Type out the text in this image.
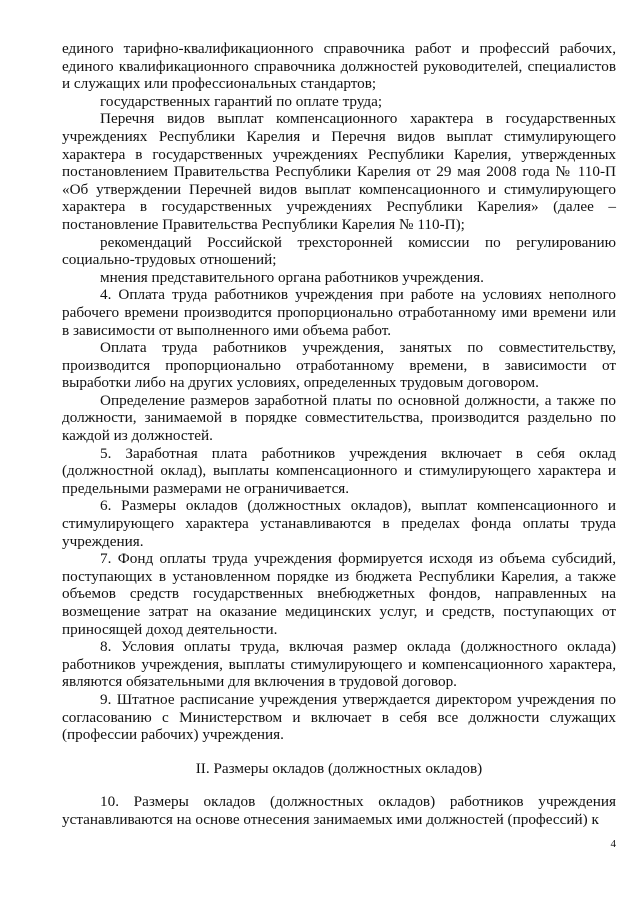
единого тарифно-квалификационного справочника работ и профессий рабочих, единого квалификационного справочника должностей руководителей, специалистов и служащих или профессиональных стандартов;

государственных гарантий по оплате труда;

Перечня видов выплат компенсационного характера в государственных учреждениях Республики Карелия и Перечня видов выплат стимулирующего характера в государственных учреждениях Республики Карелия, утвержденных постановлением Правительства Республики Карелия от 29 мая 2008 года № 110-П «Об утверждении Перечней видов выплат компенсационного и стимулирующего характера в государственных учреждениях Республики Карелия» (далее – постановление Правительства Республики Карелия № 110-П);

рекомендаций Российской трехсторонней комиссии по регулированию социально-трудовых отношений;

мнения представительного органа работников учреждения.

4. Оплата труда работников учреждения при работе на условиях неполного рабочего времени производится пропорционально отработанному ими времени или в зависимости от выполненного ими объема работ.

Оплата труда работников учреждения, занятых по совместительству, производится пропорционально отработанному времени, в зависимости от выработки либо на других условиях, определенных трудовым договором.

Определение размеров заработной платы по основной должности, а также по должности, занимаемой в порядке совместительства, производится раздельно по каждой из должностей.

5. Заработная плата работников учреждения включает в себя оклад (должностной оклад), выплаты компенсационного и стимулирующего характера и предельными размерами не ограничивается.

6. Размеры окладов (должностных окладов), выплат компенсационного и стимулирующего характера устанавливаются в пределах фонда оплаты труда учреждения.

7. Фонд оплаты труда учреждения формируется исходя из объема субсидий, поступающих в установленном порядке из бюджета Республики Карелия, а также объемов средств государственных внебюджетных фондов, направленных на возмещение затрат на оказание медицинских услуг, и средств, поступающих от приносящей доход деятельности.

8. Условия оплаты труда, включая размер оклада (должностного оклада) работников учреждения, выплаты стимулирующего и компенсационного характера, являются обязательными для включения в трудовой договор.

9. Штатное расписание учреждения утверждается директором учреждения по согласованию с Министерством и включает в себя все должности служащих (профессии рабочих) учреждения.

II. Размеры окладов (должностных окладов)

10. Размеры окладов (должностных окладов) работников учреждения устанавливаются на основе отнесения занимаемых ими должностей (профессий) к

4
